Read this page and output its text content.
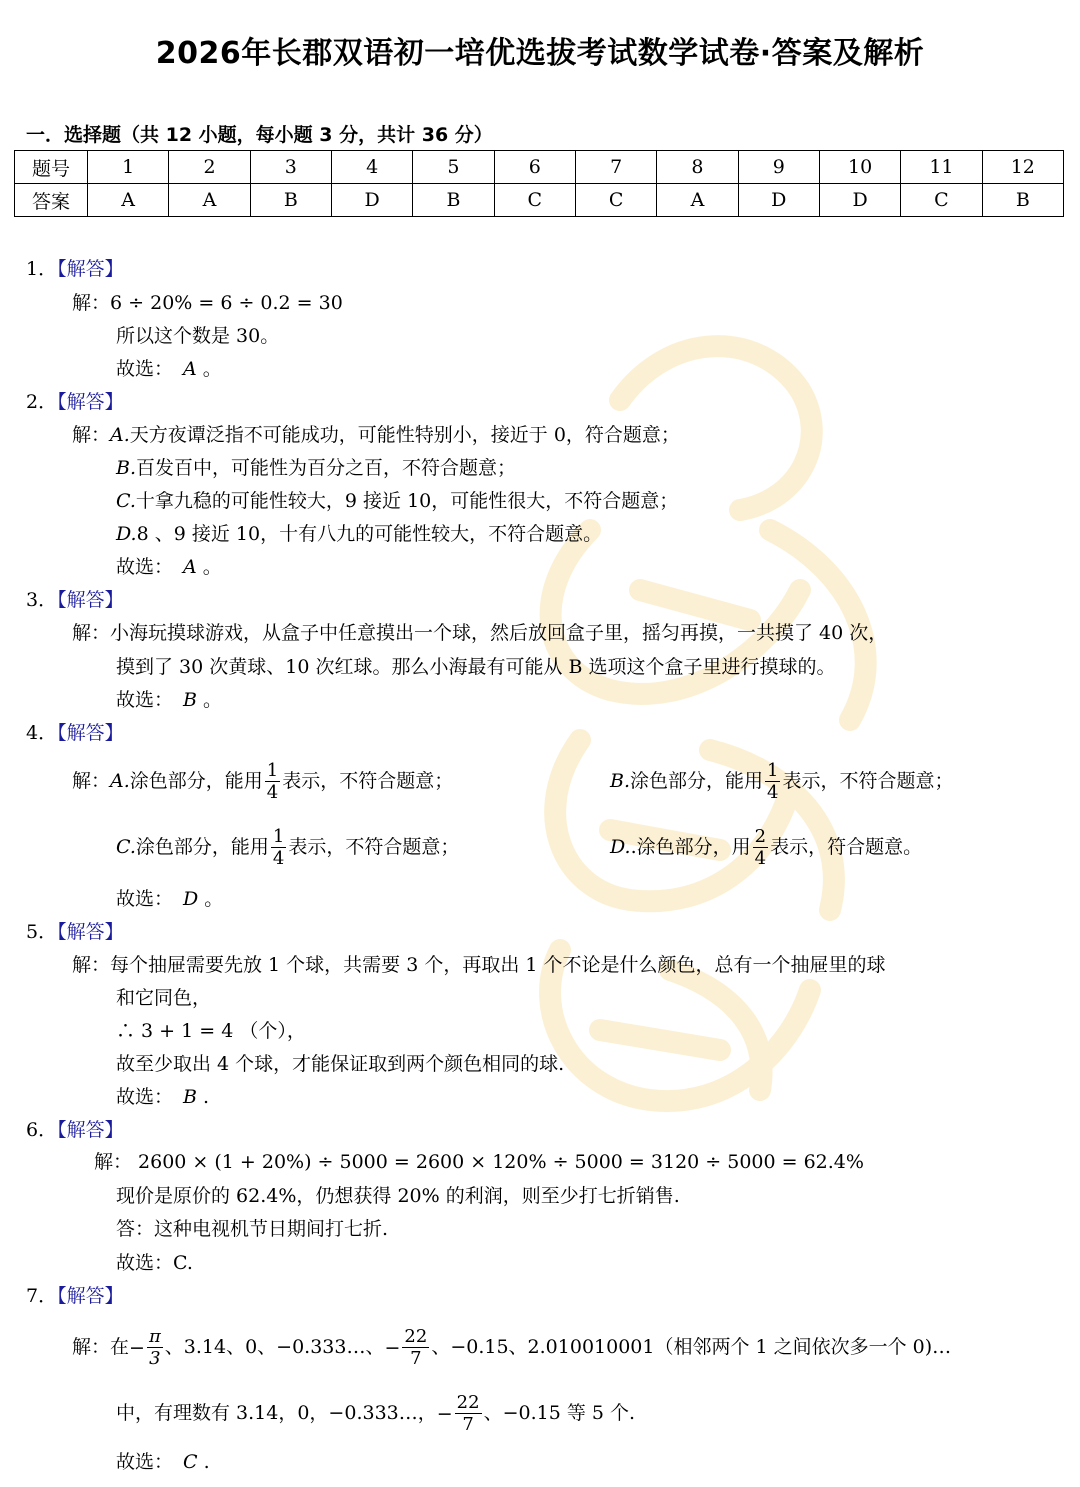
2026年长郡双语初一培优选拔考试数学试卷·答案及解析
一．选择题（共 12 小题，每小题 3 分，共计 36 分）
题号	1	2	3	4	5	6	7	8	9	10	11	12
答案	A	A	B	D	B	C	C	A	D	D	C	B
1．【解答】
解：6 ÷ 20% = 6 ÷ 0.2 = 30
所以这个数是 30。
故选： A 。
2．【解答】
解：A.天方夜谭泛指不可能成功，可能性特别小，接近于 0，符合题意；
B.百发百中，可能性为百分之百，不符合题意；
C.十拿九稳的可能性较大，9 接近 10，可能性很大，不符合题意；
D.8 、9 接近 10，十有八九的可能性较大，不符合题意。
故选： A 。
3．【解答】
解：小海玩摸球游戏，从盒子中任意摸出一个球，然后放回盒子里，摇匀再摸，一共摸了 40 次，
摸到了 30 次黄球、10 次红球。那么小海最有可能从 B 选项这个盒子里进行摸球的。
故选： B 。
4．【解答】
解：A.涂色部分，能用 $\frac{1}{4}$ 表示，不符合题意；	B.涂色部分，能用 $\frac{1}{4}$ 表示，不符合题意；
C.涂色部分，能用 $\frac{1}{4}$ 表示，不符合题意；	D..涂色部分，用 $\frac{2}{4}$ 表示，符合题意。
故选： D 。
5．【解答】
解：每个抽屉需要先放 1 个球，共需要 3 个，再取出 1 个不论是什么颜色，总有一个抽屉里的球
和它同色，
∴ 3 + 1 = 4 （个），
故至少取出 4 个球，才能保证取到两个颜色相同的球.
故选： B .
6．【解答】
解： 2600 × (1 + 20%) ÷ 5000 = 2600 × 120% ÷ 5000 = 3120 ÷ 5000 = 62.4%
现价是原价的 62.4%，仍想获得 20% 的利润，则至少打七折销售.
答：这种电视机节日期间打七折.
故选：C.
7．【解答】
解：在− $\frac{\pi}{3}$ 、3.14、0、−0.333…、− $\frac{22}{7}$ 、−0.15、2.010010001（相邻两个 1 之间依次多一个 0)…
中，有理数有 3.14，0，−0.333…，− $\frac{22}{7}$ 、−0.15 等 5 个.
故选： C .
